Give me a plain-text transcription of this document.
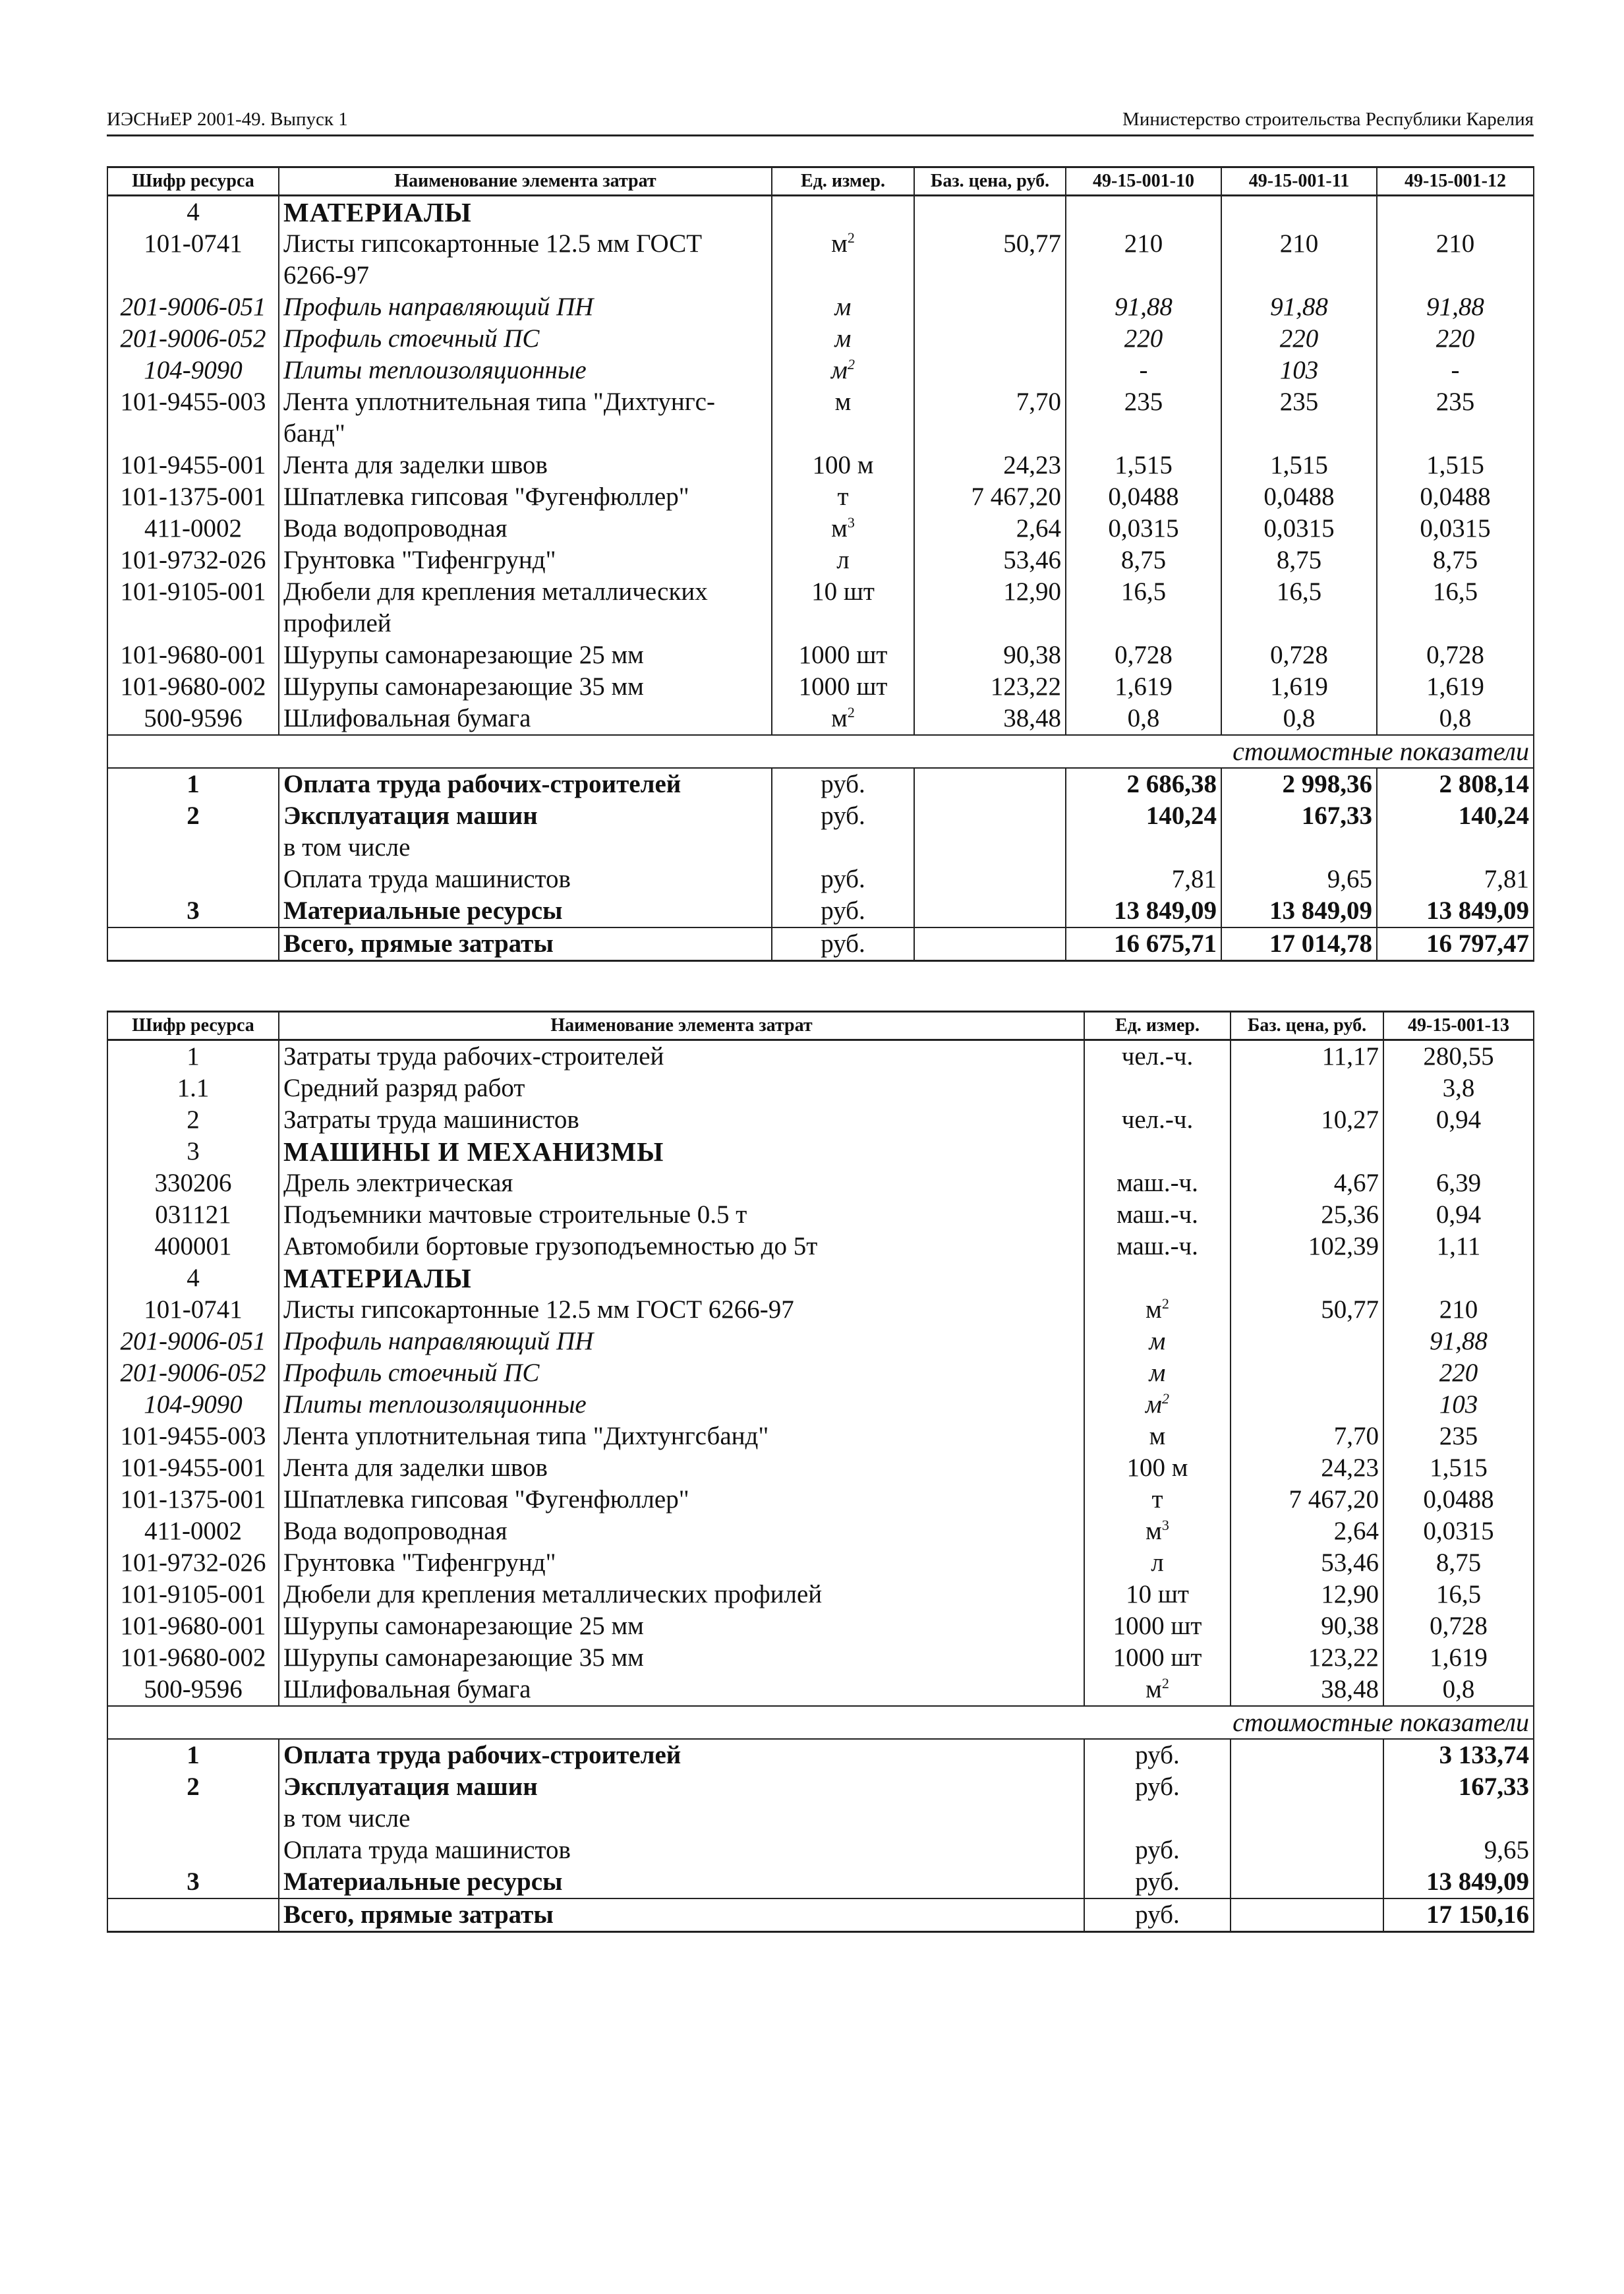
ИЭСНиЕР 2001-49. Выпуск 1	Министерство строительства Республики Карелия
Шифр ресурса	Наименование элемента затрат	Ед. измер.	Баз. цена, руб.	49-15-001-10	49-15-001-11	49-15-001-12
4	МАТЕРИАЛЫ					
101-0741	Листы гипсокартонные 12.5 мм ГОСТ 6266-97	$м^2$	50,77	210	210	210
201-9006-051	Профиль направляющий ПН	м		91,88	91,88	91,88
201-9006-052	Профиль стоечный ПС	м		220	220	220
104-9090	Плиты теплоизоляционные	$м^2$		-	103	-
101-9455-003	Лента уплотнительная типа "Дихтунгс-банд"	м	7,70	235	235	235
101-9455-001	Лента для заделки швов	100 м	24,23	1,515	1,515	1,515
101-1375-001	Шпатлевка гипсовая "Фугенфюллер"	т	7 467,20	0,0488	0,0488	0,0488
411-0002	Вода водопроводная	$м^3$	2,64	0,0315	0,0315	0,0315
101-9732-026	Грунтовка "Тифенгрунд"	л	53,46	8,75	8,75	8,75
101-9105-001	Дюбели для крепления металлических профилей	10 шт	12,90	16,5	16,5	16,5
101-9680-001	Шурупы самонарезающие 25 мм	1000 шт	90,38	0,728	0,728	0,728
101-9680-002	Шурупы самонарезающие 35 мм	1000 шт	123,22	1,619	1,619	1,619
500-9596	Шлифовальная бумага	$м^2$	38,48	0,8	0,8	0,8
стоимостные показатели						
1	Оплата труда рабочих-строителей	руб.		2 686,38	2 998,36	2 808,14
2	Эксплуатация машин	руб.		140,24	167,33	140,24
	в том числе					
	Оплата труда машинистов	руб.		7,81	9,65	7,81
3	Материальные ресурсы	руб.		13 849,09	13 849,09	13 849,09
	Всего, прямые затраты	руб.		16 675,71	17 014,78	16 797,47
Шифр ресурса	Наименование элемента затрат	Ед. измер.	Баз. цена, руб.	49-15-001-13
1	Затраты труда рабочих-строителей	чел.-ч.	11,17	280,55
1.1	Средний разряд работ			3,8
2	Затраты труда машинистов	чел.-ч.	10,27	0,94
3	МАШИНЫ И МЕХАНИЗМЫ			
330206	Дрель электрическая	маш.-ч.	4,67	6,39
031121	Подъемники мачтовые строительные 0.5 т	маш.-ч.	25,36	0,94
400001	Автомобили бортовые грузоподъемностью до 5т	маш.-ч.	102,39	1,11
4	МАТЕРИАЛЫ			
101-0741	Листы гипсокартонные 12.5 мм ГОСТ 6266-97	$м^2$	50,77	210
201-9006-051	Профиль направляющий ПН	м		91,88
201-9006-052	Профиль стоечный ПС	м		220
104-9090	Плиты теплоизоляционные	$м^2$		103
101-9455-003	Лента уплотнительная типа "Дихтунгсбанд"	м	7,70	235
101-9455-001	Лента для заделки швов	100 м	24,23	1,515
101-1375-001	Шпатлевка гипсовая "Фугенфюллер"	т	7 467,20	0,0488
411-0002	Вода водопроводная	$м^3$	2,64	0,0315
101-9732-026	Грунтовка "Тифенгрунд"	л	53,46	8,75
101-9105-001	Дюбели для крепления металлических профилей	10 шт	12,90	16,5
101-9680-001	Шурупы самонарезающие 25 мм	1000 шт	90,38	0,728
101-9680-002	Шурупы самонарезающие 35 мм	1000 шт	123,22	1,619
500-9596	Шлифовальная бумага	$м^2$	38,48	0,8
стоимостные показатели				
1	Оплата труда рабочих-строителей	руб.		3 133,74
2	Эксплуатация машин	руб.		167,33
	в том числе			
	Оплата труда машинистов	руб.		9,65
3	Материальные ресурсы	руб.		13 849,09
	Всего, прямые затраты	руб.		17 150,16
